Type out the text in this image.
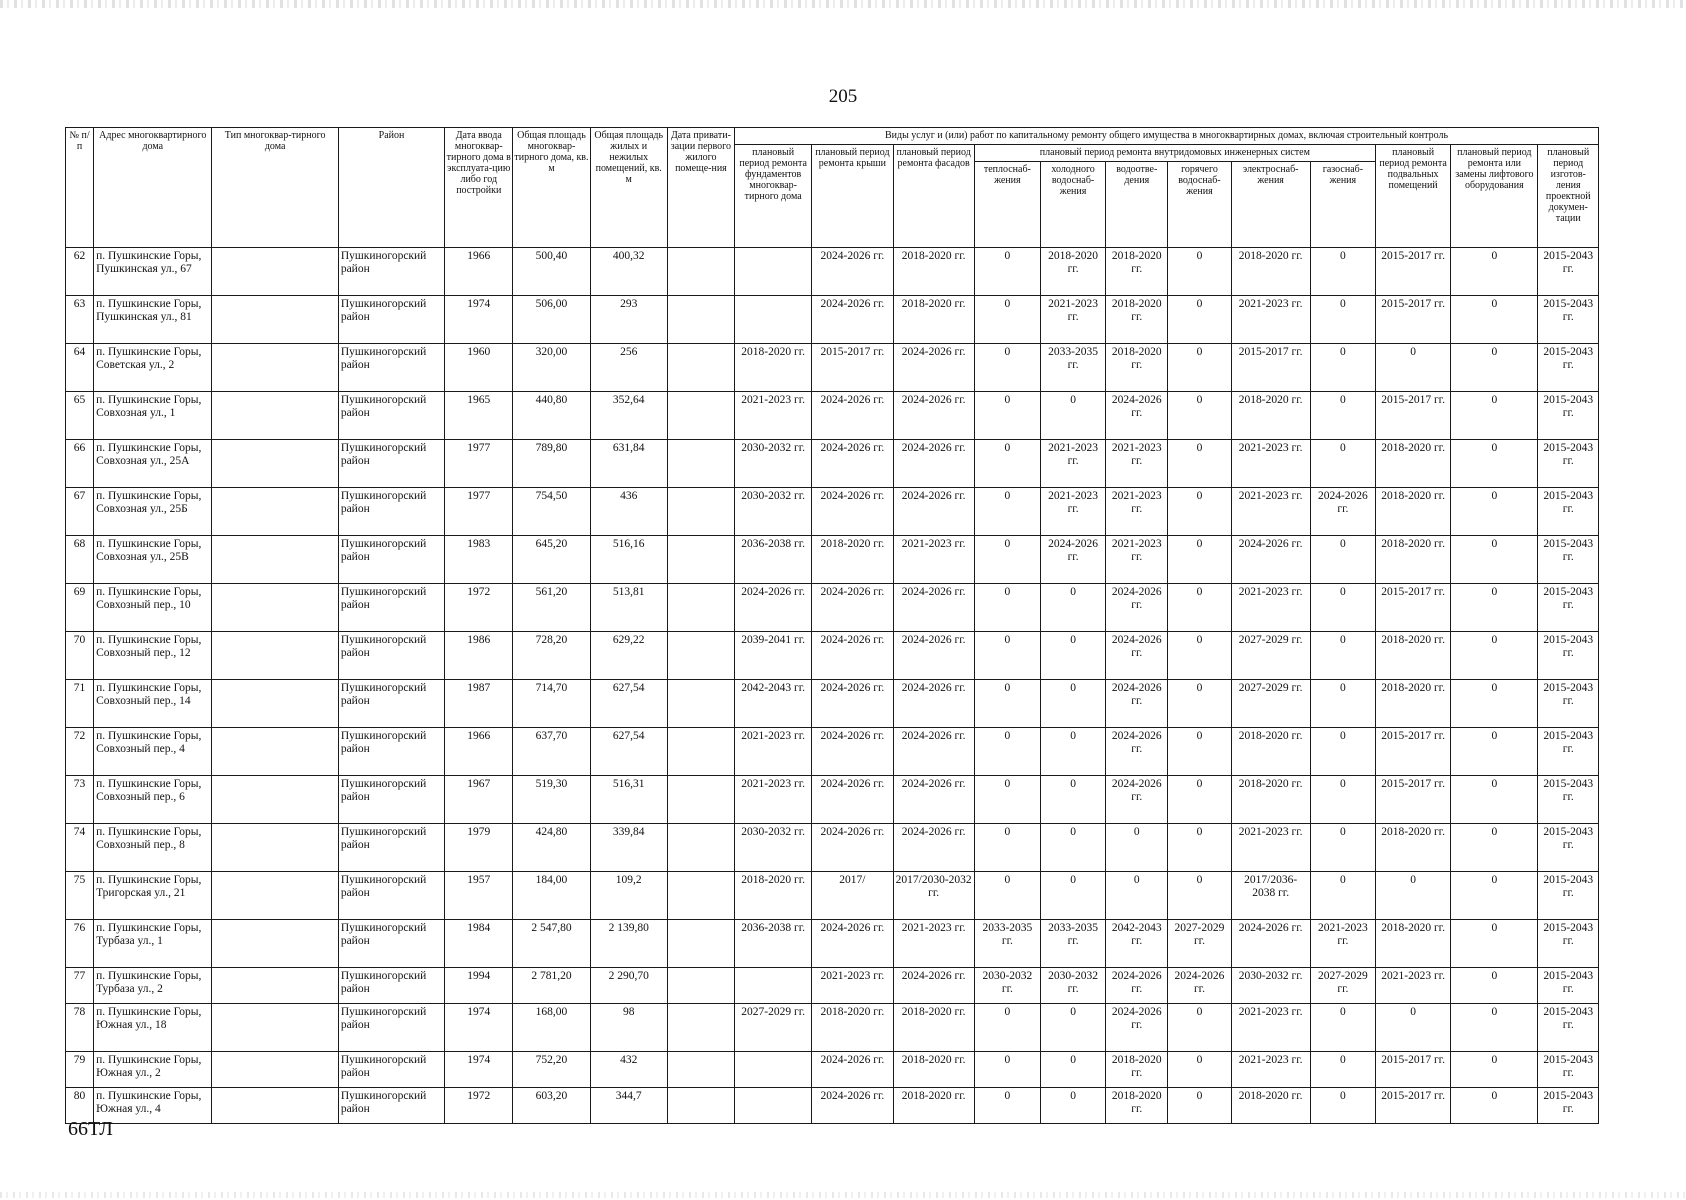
205
№ п/п	Адрес многоквартирного дома	Тип многоквар-тирного дома	Район	Дата ввода многоквар-тирного дома в эксплуата-цию либо год постройки	Общая площадь многоквар-тирного дома, кв. м	Общая площадь жилых и нежилых помещений, кв. м	Дата привати-зации первого жилого помеще-ния	Виды услуг и (или) работ по капитальному ремонту общего имущества в многоквартирных домах, включая строительный контроль											
								плановый период ремонта фундаментов многоквар-тирного дома	плановый период ремонта крыши	плановый период ремонта фасадов	плановый период ремонта внутридомовых инженерных систем						плановый период ремонта подвальных помещений	плановый период ремонта или замены лифтового оборудования	плановый период изготов-ления проектной докумен-тации
											теплоснаб-жения	холодного водоснаб-жения	водоотве-дения	горячего водоснаб-жения	электроснаб-жения	газоснаб-жения			
62	п. Пушкинские Горы, Пушкинская ул., 67		Пушкиногорский район	1966	500,40	400,32			2024-2026 гг.	2018-2020 гг.	0	2018-2020 гг.	2018-2020 гг.	0	2018-2020 гг.	0	2015-2017 гг.	0	2015-2043 гг.
63	п. Пушкинские Горы, Пушкинская ул., 81		Пушкиногорский район	1974	506,00	293			2024-2026 гг.	2018-2020 гг.	0	2021-2023 гг.	2018-2020 гг.	0	2021-2023 гг.	0	2015-2017 гг.	0	2015-2043 гг.
64	п. Пушкинские Горы, Советская ул., 2		Пушкиногорский район	1960	320,00	256		2018-2020 гг.	2015-2017 гг.	2024-2026 гг.	0	2033-2035 гг.	2018-2020 гг.	0	2015-2017 гг.	0	0	0	2015-2043 гг.
65	п. Пушкинские Горы, Совхозная ул., 1		Пушкиногорский район	1965	440,80	352,64		2021-2023 гг.	2024-2026 гг.	2024-2026 гг.	0	0	2024-2026 гг.	0	2018-2020 гг.	0	2015-2017 гг.	0	2015-2043 гг.
66	п. Пушкинские Горы, Совхозная ул., 25А		Пушкиногорский район	1977	789,80	631,84		2030-2032 гг.	2024-2026 гг.	2024-2026 гг.	0	2021-2023 гг.	2021-2023 гг.	0	2021-2023 гг.	0	2018-2020 гг.	0	2015-2043 гг.
67	п. Пушкинские Горы, Совхозная ул., 25Б		Пушкиногорский район	1977	754,50	436		2030-2032 гг.	2024-2026 гг.	2024-2026 гг.	0	2021-2023 гг.	2021-2023 гг.	0	2021-2023 гг.	2024-2026 гг.	2018-2020 гг.	0	2015-2043 гг.
68	п. Пушкинские Горы, Совхозная ул., 25В		Пушкиногорский район	1983	645,20	516,16		2036-2038 гг.	2018-2020 гг.	2021-2023 гг.	0	2024-2026 гг.	2021-2023 гг.	0	2024-2026 гг.	0	2018-2020 гг.	0	2015-2043 гг.
69	п. Пушкинские Горы, Совхозный пер., 10		Пушкиногорский район	1972	561,20	513,81		2024-2026 гг.	2024-2026 гг.	2024-2026 гг.	0	0	2024-2026 гг.	0	2021-2023 гг.	0	2015-2017 гг.	0	2015-2043 гг.
70	п. Пушкинские Горы, Совхозный пер., 12		Пушкиногорский район	1986	728,20	629,22		2039-2041 гг.	2024-2026 гг.	2024-2026 гг.	0	0	2024-2026 гг.	0	2027-2029 гг.	0	2018-2020 гг.	0	2015-2043 гг.
71	п. Пушкинские Горы, Совхозный пер., 14		Пушкиногорский район	1987	714,70	627,54		2042-2043 гг.	2024-2026 гг.	2024-2026 гг.	0	0	2024-2026 гг.	0	2027-2029 гг.	0	2018-2020 гг.	0	2015-2043 гг.
72	п. Пушкинские Горы, Совхозный пер., 4		Пушкиногорский район	1966	637,70	627,54		2021-2023 гг.	2024-2026 гг.	2024-2026 гг.	0	0	2024-2026 гг.	0	2018-2020 гг.	0	2015-2017 гг.	0	2015-2043 гг.
73	п. Пушкинские Горы, Совхозный пер., 6		Пушкиногорский район	1967	519,30	516,31		2021-2023 гг.	2024-2026 гг.	2024-2026 гг.	0	0	2024-2026 гг.	0	2018-2020 гг.	0	2015-2017 гг.	0	2015-2043 гг.
74	п. Пушкинские Горы, Совхозный пер., 8		Пушкиногорский район	1979	424,80	339,84		2030-2032 гг.	2024-2026 гг.	2024-2026 гг.	0	0	0	0	2021-2023 гг.	0	2018-2020 гг.	0	2015-2043 гг.
75	п. Пушкинские Горы, Тригорская ул., 21		Пушкиногорский район	1957	184,00	109,2		2018-2020 гг.	2017/	2017/2030-2032 гг.	0	0	0	0	2017/2036-2038 гг.	0	0	0	2015-2043 гг.
76	п. Пушкинские Горы, Турбаза ул., 1		Пушкиногорский район	1984	2 547,80	2 139,80		2036-2038 гг.	2024-2026 гг.	2021-2023 гг.	2033-2035 гг.	2033-2035 гг.	2042-2043 гг.	2027-2029 гг.	2024-2026 гг.	2021-2023 гг.	2018-2020 гг.	0	2015-2043 гг.
77	п. Пушкинские Горы, Турбаза ул., 2		Пушкиногорский район	1994	2 781,20	2 290,70			2021-2023 гг.	2024-2026 гг.	2030-2032 гг.	2030-2032 гг.	2024-2026 гг.	2024-2026 гг.	2030-2032 гг.	2027-2029 гг.	2021-2023 гг.	0	2015-2043 гг.
78	п. Пушкинские Горы, Южная ул., 18		Пушкиногорский район	1974	168,00	98		2027-2029 гг.	2018-2020 гг.	2018-2020 гг.	0	0	2024-2026 гг.	0	2021-2023 гг.	0	0	0	2015-2043 гг.
79	п. Пушкинские Горы, Южная ул., 2		Пушкиногорский район	1974	752,20	432			2024-2026 гг.	2018-2020 гг.	0	0	2018-2020 гг.	0	2021-2023 гг.	0	2015-2017 гг.	0	2015-2043 гг.
80	п. Пушкинские Горы, Южная ул., 4		Пушкиногорский район	1972	603,20	344,7			2024-2026 гг.	2018-2020 гг.	0	0	2018-2020 гг.	0	2018-2020 гг.	0	2015-2017 гг.	0	2015-2043 гг.
66ТЛ
